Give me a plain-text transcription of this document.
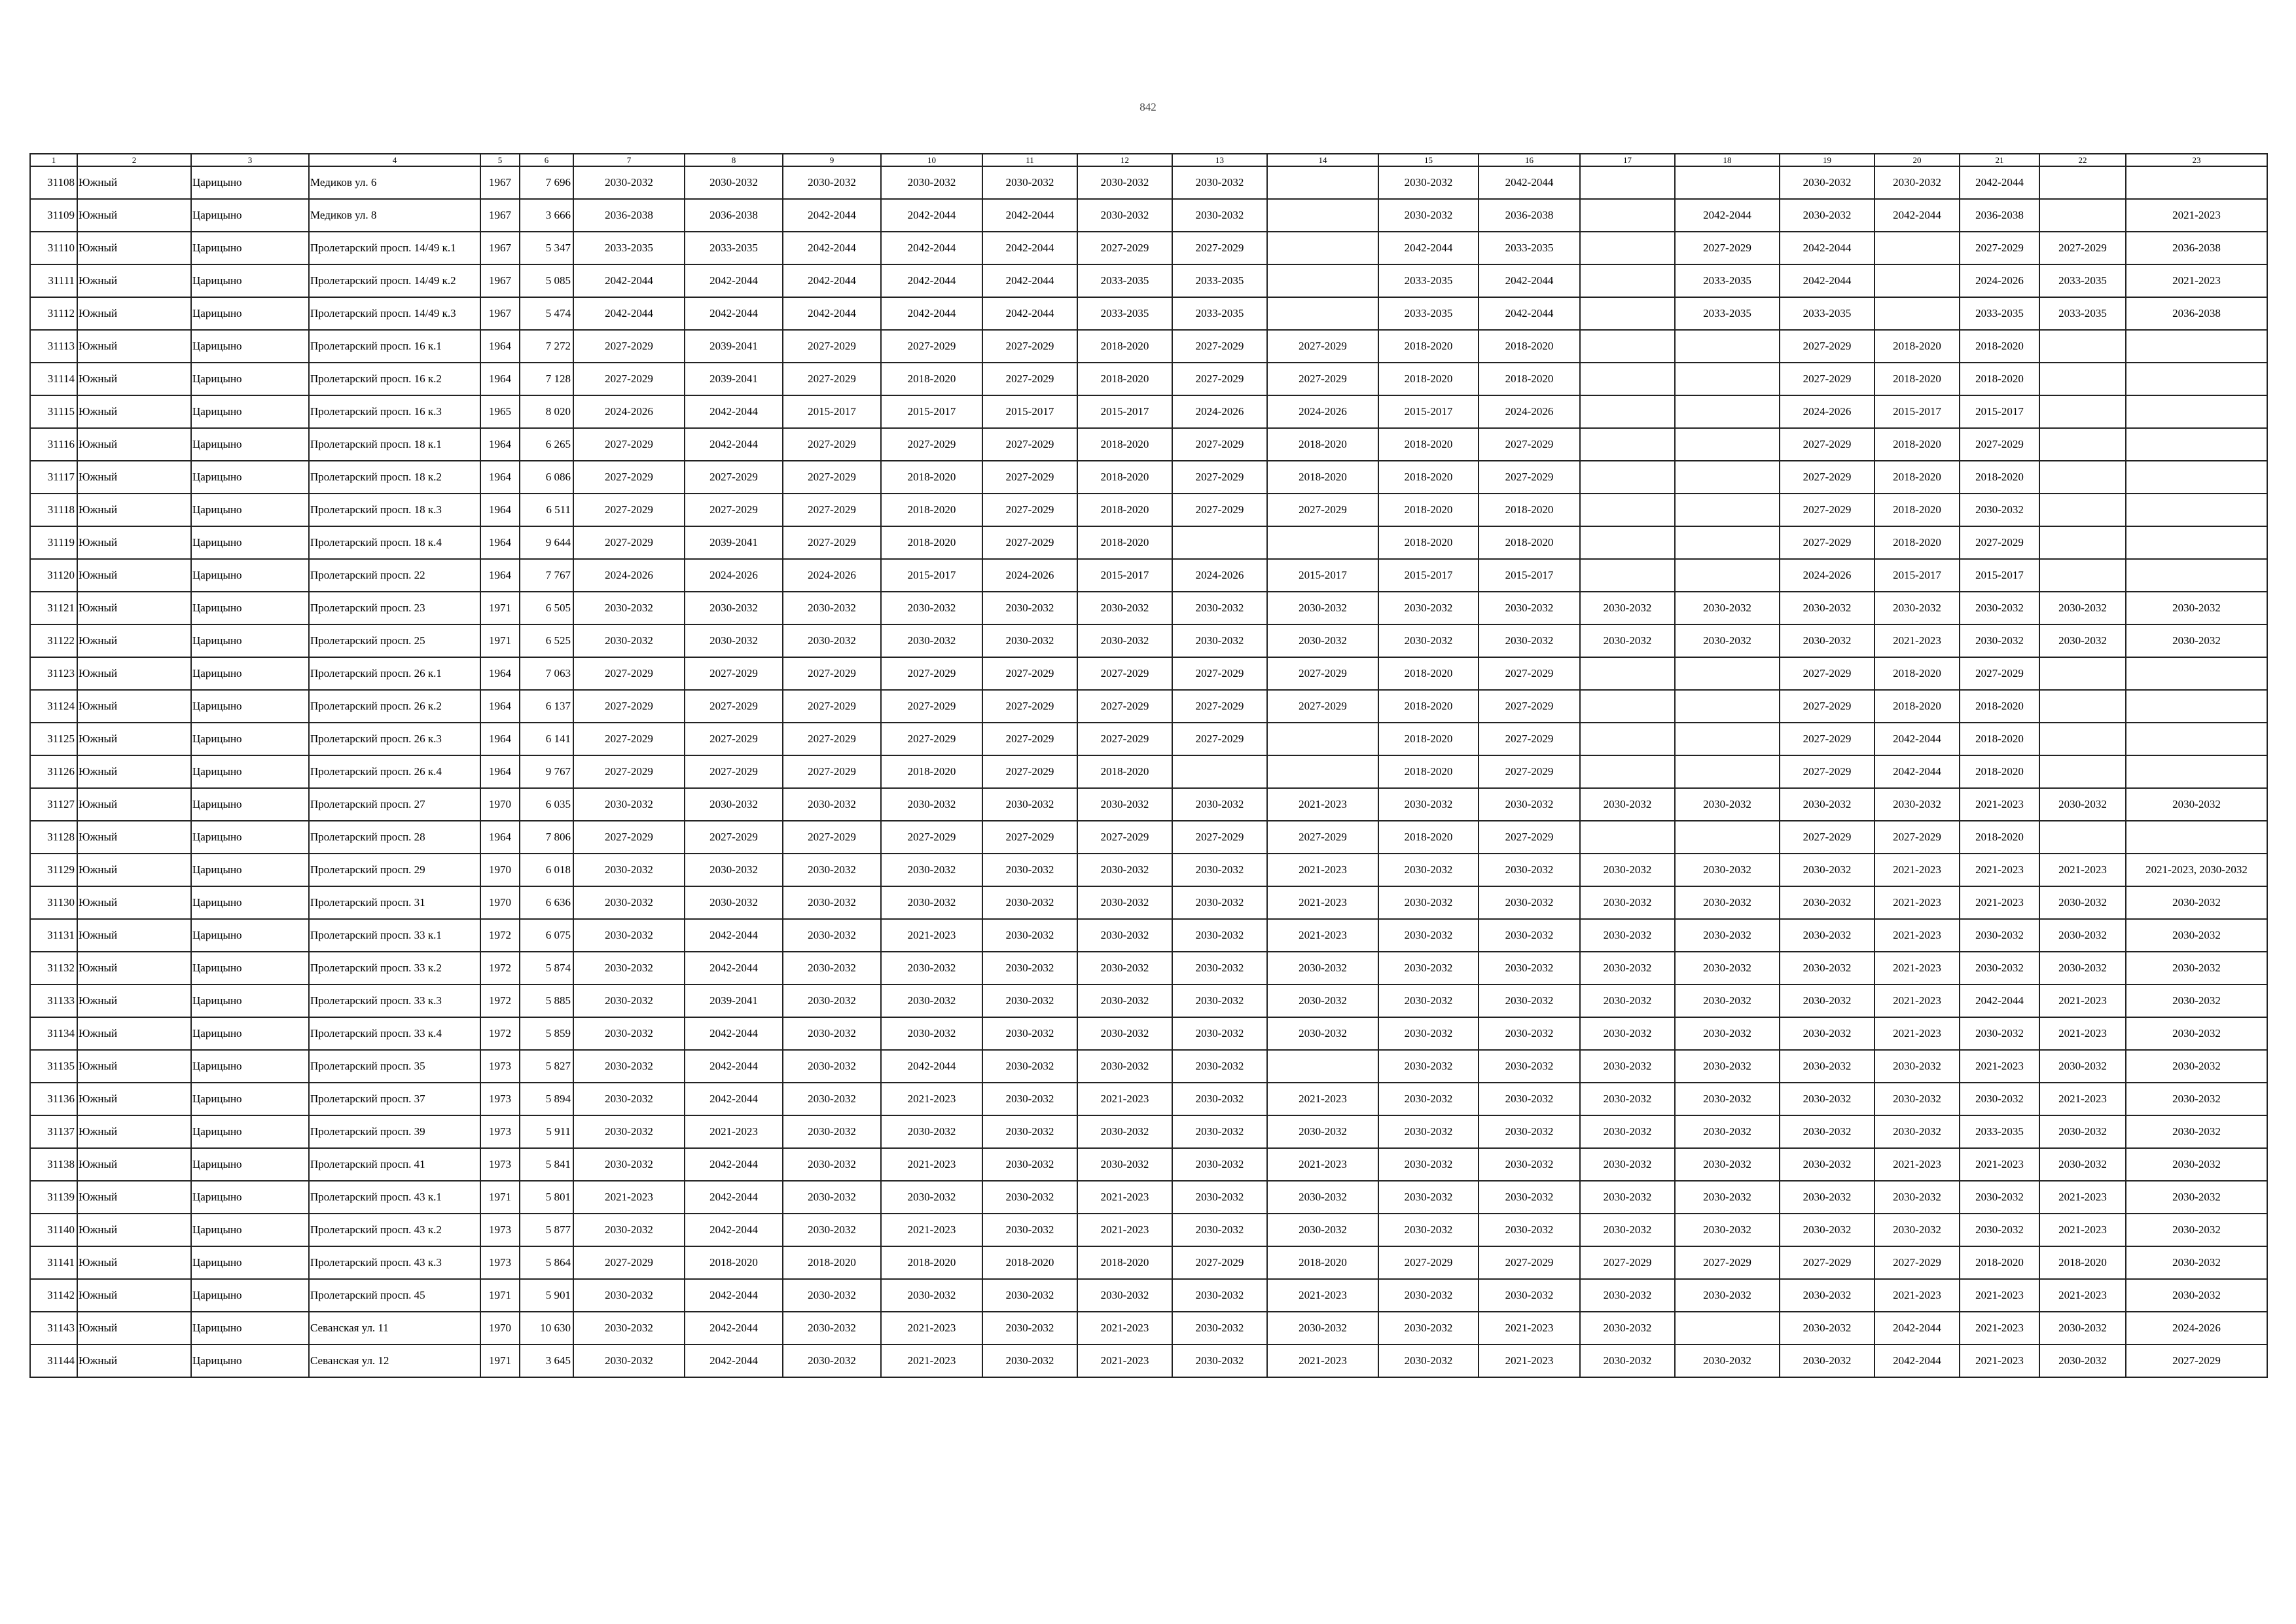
842
1	2	3	4	5	6	7	8	9	10	11	12	13	14	15	16	17	18	19	20	21	22	23
31108	Южный	Царицыно	Медиков ул. 6	1967	7 696	2030-2032	2030-2032	2030-2032	2030-2032	2030-2032	2030-2032	2030-2032		2030-2032	2042-2044			2030-2032	2030-2032	2042-2044		
31109	Южный	Царицыно	Медиков ул. 8	1967	3 666	2036-2038	2036-2038	2042-2044	2042-2044	2042-2044	2030-2032	2030-2032		2030-2032	2036-2038		2042-2044	2030-2032	2042-2044	2036-2038		2021-2023
31110	Южный	Царицыно	Пролетарский просп. 14/49 к.1	1967	5 347	2033-2035	2033-2035	2042-2044	2042-2044	2042-2044	2027-2029	2027-2029		2042-2044	2033-2035		2027-2029	2042-2044		2027-2029	2027-2029	2036-2038
31111	Южный	Царицыно	Пролетарский просп. 14/49 к.2	1967	5 085	2042-2044	2042-2044	2042-2044	2042-2044	2042-2044	2033-2035	2033-2035		2033-2035	2042-2044		2033-2035	2042-2044		2024-2026	2033-2035	2021-2023
31112	Южный	Царицыно	Пролетарский просп. 14/49 к.3	1967	5 474	2042-2044	2042-2044	2042-2044	2042-2044	2042-2044	2033-2035	2033-2035		2033-2035	2042-2044		2033-2035	2033-2035		2033-2035	2033-2035	2036-2038
31113	Южный	Царицыно	Пролетарский просп. 16 к.1	1964	7 272	2027-2029	2039-2041	2027-2029	2027-2029	2027-2029	2018-2020	2027-2029	2027-2029	2018-2020	2018-2020			2027-2029	2018-2020	2018-2020		
31114	Южный	Царицыно	Пролетарский просп. 16 к.2	1964	7 128	2027-2029	2039-2041	2027-2029	2018-2020	2027-2029	2018-2020	2027-2029	2027-2029	2018-2020	2018-2020			2027-2029	2018-2020	2018-2020		
31115	Южный	Царицыно	Пролетарский просп. 16 к.3	1965	8 020	2024-2026	2042-2044	2015-2017	2015-2017	2015-2017	2015-2017	2024-2026	2024-2026	2015-2017	2024-2026			2024-2026	2015-2017	2015-2017		
31116	Южный	Царицыно	Пролетарский просп. 18 к.1	1964	6 265	2027-2029	2042-2044	2027-2029	2027-2029	2027-2029	2018-2020	2027-2029	2018-2020	2018-2020	2027-2029			2027-2029	2018-2020	2027-2029		
31117	Южный	Царицыно	Пролетарский просп. 18 к.2	1964	6 086	2027-2029	2027-2029	2027-2029	2018-2020	2027-2029	2018-2020	2027-2029	2018-2020	2018-2020	2027-2029			2027-2029	2018-2020	2018-2020		
31118	Южный	Царицыно	Пролетарский просп. 18 к.3	1964	6 511	2027-2029	2027-2029	2027-2029	2018-2020	2027-2029	2018-2020	2027-2029	2027-2029	2018-2020	2018-2020			2027-2029	2018-2020	2030-2032		
31119	Южный	Царицыно	Пролетарский просп. 18 к.4	1964	9 644	2027-2029	2039-2041	2027-2029	2018-2020	2027-2029	2018-2020			2018-2020	2018-2020			2027-2029	2018-2020	2027-2029		
31120	Южный	Царицыно	Пролетарский просп. 22	1964	7 767	2024-2026	2024-2026	2024-2026	2015-2017	2024-2026	2015-2017	2024-2026	2015-2017	2015-2017	2015-2017			2024-2026	2015-2017	2015-2017		
31121	Южный	Царицыно	Пролетарский просп. 23	1971	6 505	2030-2032	2030-2032	2030-2032	2030-2032	2030-2032	2030-2032	2030-2032	2030-2032	2030-2032	2030-2032	2030-2032	2030-2032	2030-2032	2030-2032	2030-2032	2030-2032	2030-2032
31122	Южный	Царицыно	Пролетарский просп. 25	1971	6 525	2030-2032	2030-2032	2030-2032	2030-2032	2030-2032	2030-2032	2030-2032	2030-2032	2030-2032	2030-2032	2030-2032	2030-2032	2030-2032	2021-2023	2030-2032	2030-2032	2030-2032
31123	Южный	Царицыно	Пролетарский просп. 26 к.1	1964	7 063	2027-2029	2027-2029	2027-2029	2027-2029	2027-2029	2027-2029	2027-2029	2027-2029	2018-2020	2027-2029			2027-2029	2018-2020	2027-2029		
31124	Южный	Царицыно	Пролетарский просп. 26 к.2	1964	6 137	2027-2029	2027-2029	2027-2029	2027-2029	2027-2029	2027-2029	2027-2029	2027-2029	2018-2020	2027-2029			2027-2029	2018-2020	2018-2020		
31125	Южный	Царицыно	Пролетарский просп. 26 к.3	1964	6 141	2027-2029	2027-2029	2027-2029	2027-2029	2027-2029	2027-2029	2027-2029		2018-2020	2027-2029			2027-2029	2042-2044	2018-2020		
31126	Южный	Царицыно	Пролетарский просп. 26 к.4	1964	9 767	2027-2029	2027-2029	2027-2029	2018-2020	2027-2029	2018-2020			2018-2020	2027-2029			2027-2029	2042-2044	2018-2020		
31127	Южный	Царицыно	Пролетарский просп. 27	1970	6 035	2030-2032	2030-2032	2030-2032	2030-2032	2030-2032	2030-2032	2030-2032	2021-2023	2030-2032	2030-2032	2030-2032	2030-2032	2030-2032	2030-2032	2021-2023	2030-2032	2030-2032
31128	Южный	Царицыно	Пролетарский просп. 28	1964	7 806	2027-2029	2027-2029	2027-2029	2027-2029	2027-2029	2027-2029	2027-2029	2027-2029	2018-2020	2027-2029			2027-2029	2027-2029	2018-2020		
31129	Южный	Царицыно	Пролетарский просп. 29	1970	6 018	2030-2032	2030-2032	2030-2032	2030-2032	2030-2032	2030-2032	2030-2032	2021-2023	2030-2032	2030-2032	2030-2032	2030-2032	2030-2032	2021-2023	2021-2023	2021-2023	2021-2023, 2030-2032
31130	Южный	Царицыно	Пролетарский просп. 31	1970	6 636	2030-2032	2030-2032	2030-2032	2030-2032	2030-2032	2030-2032	2030-2032	2021-2023	2030-2032	2030-2032	2030-2032	2030-2032	2030-2032	2021-2023	2021-2023	2030-2032	2030-2032
31131	Южный	Царицыно	Пролетарский просп. 33 к.1	1972	6 075	2030-2032	2042-2044	2030-2032	2021-2023	2030-2032	2030-2032	2030-2032	2021-2023	2030-2032	2030-2032	2030-2032	2030-2032	2030-2032	2021-2023	2030-2032	2030-2032	2030-2032
31132	Южный	Царицыно	Пролетарский просп. 33 к.2	1972	5 874	2030-2032	2042-2044	2030-2032	2030-2032	2030-2032	2030-2032	2030-2032	2030-2032	2030-2032	2030-2032	2030-2032	2030-2032	2030-2032	2021-2023	2030-2032	2030-2032	2030-2032
31133	Южный	Царицыно	Пролетарский просп. 33 к.3	1972	5 885	2030-2032	2039-2041	2030-2032	2030-2032	2030-2032	2030-2032	2030-2032	2030-2032	2030-2032	2030-2032	2030-2032	2030-2032	2030-2032	2021-2023	2042-2044	2021-2023	2030-2032
31134	Южный	Царицыно	Пролетарский просп. 33 к.4	1972	5 859	2030-2032	2042-2044	2030-2032	2030-2032	2030-2032	2030-2032	2030-2032	2030-2032	2030-2032	2030-2032	2030-2032	2030-2032	2030-2032	2021-2023	2030-2032	2021-2023	2030-2032
31135	Южный	Царицыно	Пролетарский просп. 35	1973	5 827	2030-2032	2042-2044	2030-2032	2042-2044	2030-2032	2030-2032	2030-2032		2030-2032	2030-2032	2030-2032	2030-2032	2030-2032	2030-2032	2021-2023	2030-2032	2030-2032
31136	Южный	Царицыно	Пролетарский просп. 37	1973	5 894	2030-2032	2042-2044	2030-2032	2021-2023	2030-2032	2021-2023	2030-2032	2021-2023	2030-2032	2030-2032	2030-2032	2030-2032	2030-2032	2030-2032	2030-2032	2021-2023	2030-2032
31137	Южный	Царицыно	Пролетарский просп. 39	1973	5 911	2030-2032	2021-2023	2030-2032	2030-2032	2030-2032	2030-2032	2030-2032	2030-2032	2030-2032	2030-2032	2030-2032	2030-2032	2030-2032	2030-2032	2033-2035	2030-2032	2030-2032
31138	Южный	Царицыно	Пролетарский просп. 41	1973	5 841	2030-2032	2042-2044	2030-2032	2021-2023	2030-2032	2030-2032	2030-2032	2021-2023	2030-2032	2030-2032	2030-2032	2030-2032	2030-2032	2021-2023	2021-2023	2030-2032	2030-2032
31139	Южный	Царицыно	Пролетарский просп. 43 к.1	1971	5 801	2021-2023	2042-2044	2030-2032	2030-2032	2030-2032	2021-2023	2030-2032	2030-2032	2030-2032	2030-2032	2030-2032	2030-2032	2030-2032	2030-2032	2030-2032	2021-2023	2030-2032
31140	Южный	Царицыно	Пролетарский просп. 43 к.2	1973	5 877	2030-2032	2042-2044	2030-2032	2021-2023	2030-2032	2021-2023	2030-2032	2030-2032	2030-2032	2030-2032	2030-2032	2030-2032	2030-2032	2030-2032	2030-2032	2021-2023	2030-2032
31141	Южный	Царицыно	Пролетарский просп. 43 к.3	1973	5 864	2027-2029	2018-2020	2018-2020	2018-2020	2018-2020	2018-2020	2027-2029	2018-2020	2027-2029	2027-2029	2027-2029	2027-2029	2027-2029	2027-2029	2018-2020	2018-2020	2030-2032
31142	Южный	Царицыно	Пролетарский просп. 45	1971	5 901	2030-2032	2042-2044	2030-2032	2030-2032	2030-2032	2030-2032	2030-2032	2021-2023	2030-2032	2030-2032	2030-2032	2030-2032	2030-2032	2021-2023	2021-2023	2021-2023	2030-2032
31143	Южный	Царицыно	Севанская ул. 11	1970	10 630	2030-2032	2042-2044	2030-2032	2021-2023	2030-2032	2021-2023	2030-2032	2030-2032	2030-2032	2021-2023	2030-2032		2030-2032	2042-2044	2021-2023	2030-2032	2024-2026
31144	Южный	Царицыно	Севанская ул. 12	1971	3 645	2030-2032	2042-2044	2030-2032	2021-2023	2030-2032	2021-2023	2030-2032	2021-2023	2030-2032	2021-2023	2030-2032	2030-2032	2030-2032	2042-2044	2021-2023	2030-2032	2027-2029
